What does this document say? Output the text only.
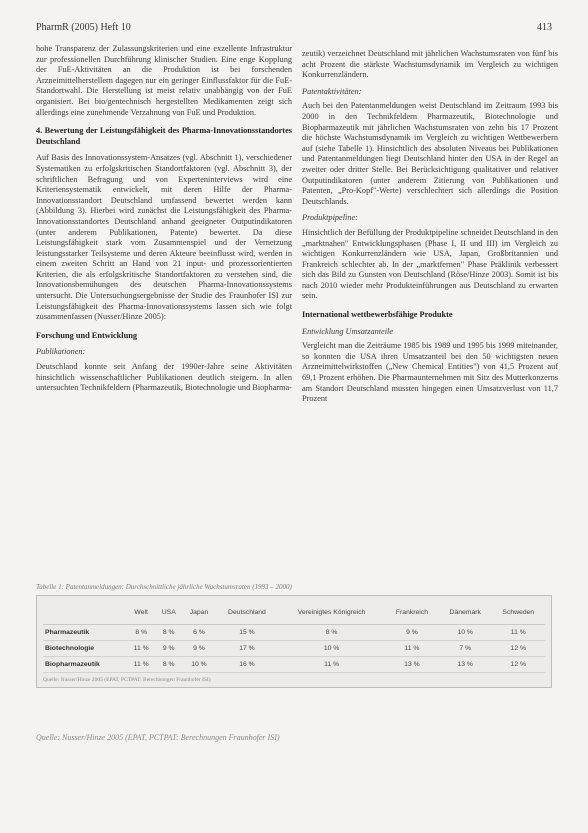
PharmR (2005) Heft 10	413

hohe Transparenz der Zulassungskriterien und eine exzellente Infrastruktur zur professionellen Durchführung klinischer Studien. Eine enge Kopplung der FuE-Aktivitäten an die Produktion ist bei forschenden Arzneimittelherstellern dagegen nur ein geringer Einflussfaktor für die FuE-Standortwahl. Die Herstellung ist meist relativ unabhängig von der FuE organisiert. Bei bio/gentechnisch hergestellten Medikamenten zeigt sich allerdings eine zunehmende Verzahnung von FuE und Produktion.

4. Bewertung der Leistungsfähigkeit des Pharma-Innovationsstandortes Deutschland

Auf Basis des Innovationssystem-Ansatzes (vgl. Abschnitt 1), verschiedener Systematiken zu erfolgskritischen Standortfaktoren (vgl. Abschnitt 3), der schriftlichen Befragung und von Experteninterviews wird eine Kriteriensystematik entwickelt, mit deren Hilfe der Pharma-Innovationsstandort Deutschland umfassend bewertet werden kann (Abbildung 3). Hierbei wird zunächst die Leistungsfähigkeit des Pharma-Innovationsstandortes Deutschland anhand geeigneter Outputindikatoren (unter anderem Publikationen, Patente) bewertet. Da diese Leistungsfähigkeit stark vom Zusammenspiel und der Vernetzung leistungsstarker Teilsysteme und deren Akteure beeinflusst wird, werden in einem zweiten Schritt an Hand von 21 input- und prozessorientierten Kriterien, die als erfolgskritische Standortfaktoren zu verstehen sind, die Innovationsbemühungen des deutschen Pharma-Innovationssystems untersucht. Die Untersuchungsergebnisse der Studie des Fraunhofer ISI zur Leistungsfähigkeit des Pharma-Innovationssystems lassen sich wie folgt zusammenfassen (Nusser/Hinze 2005):

Forschung und Entwicklung
Publikationen:

Deutschland konnte seit Anfang der 1990er-Jahre seine Aktivitäten hinsichtlich wissenschaftlicher Publikationen deutlich steigern. In allen untersuchten Technikfeldern (Pharmazeutik, Biotechnologie und Biopharma-

zeutik) verzeichnet Deutschland mit jährlichen Wachstumsraten von fünf bis acht Prozent die stärkste Wachstumsdynamik im Vergleich zu wichtigen Konkurrenzländern.

Patentaktivitäten:

Auch bei den Patentanmeldungen weist Deutschland im Zeitraum 1993 bis 2000 in den Technikfeldern Pharmazeutik, Biotechnologie und Biopharmazeutik mit jährlichen Wachstumsraten von zehn bis 17 Prozent die höchste Wachstumsdynamik im Vergleich zu wichtigen Wettbewerbern auf (siehe Tabelle 1). Hinsichtlich des absoluten Niveaus bei Publikationen und Patentanmeldungen liegt Deutschland hinter den USA in der Regel an zweiter oder dritter Stelle. Bei Berücksichtigung qualitativer und relativer Outputindikatoren (unter anderem Zitierung von Publikationen und Patenten, „Pro-Kopf"-Werte) verschlechtert sich allerdings die Position Deutschlands.

Produktpipeline:

Hinsichtlich der Befüllung der Produktpipeline schneidet Deutschland in den „marktnahen" Entwicklungsphasen (Phase I, II und III) im Vergleich zu wichtigen Konkurrenzländern wie USA, Japan, Großbritannien und Frankreich schlechter ab. In der „marktfernen" Phase Präklinik verbessert sich das Bild zu Gunsten von Deutschland (Röse/Hinze 2003). Somit ist bis nach 2010 wieder mehr Produkteinführungen aus Deutschland zu erwarten sein.

International wettbewerbsfähige Produkte
Entwicklung Umsatzanteile

Vergleicht man die Zeiträume 1985 bis 1989 und 1995 bis 1999 miteinander, so konnten die USA ihren Umsatzanteil bei den 50 wichtigsten neuen Arzneimittelwirkstoffen („New Chemical Entities") von 41,5 Prozent auf 69,1 Prozent erhöhen. Die Pharmaunternehmen mit Sitz des Mutterkonzerns am Standort Deutschland mussten hingegen einen Umsatzverlust von 11,7 Prozent

Tabelle 1: Patentanmeldungen: Durchschnittliche jährliche Wachstumsraten (1993 – 2000)
	Welt	USA	Japan	Deutschland	Vereinigtes Königreich	Frankreich	Dänemark	Schweden
Pharmazeutik	8 %	8 %	6 %	15 %	8 %	9 %	10 %	11 %
Biotechnologie	11 %	9 %	9 %	17 %	10 %	11 %	7 %	12 %
Biopharmazeutik	11 %	8 %	10 %	16 %	11 %	13 %	13 %	12 %
Quelle: Nusser/Hinze 2005 (EPAT, PCTPAT: Berechnungen Fraunhofer ISI)
Quelle: Nusser/Hinze 2005 (EPAT, PCTPAT: Berechnungen Fraunhofer ISI)
